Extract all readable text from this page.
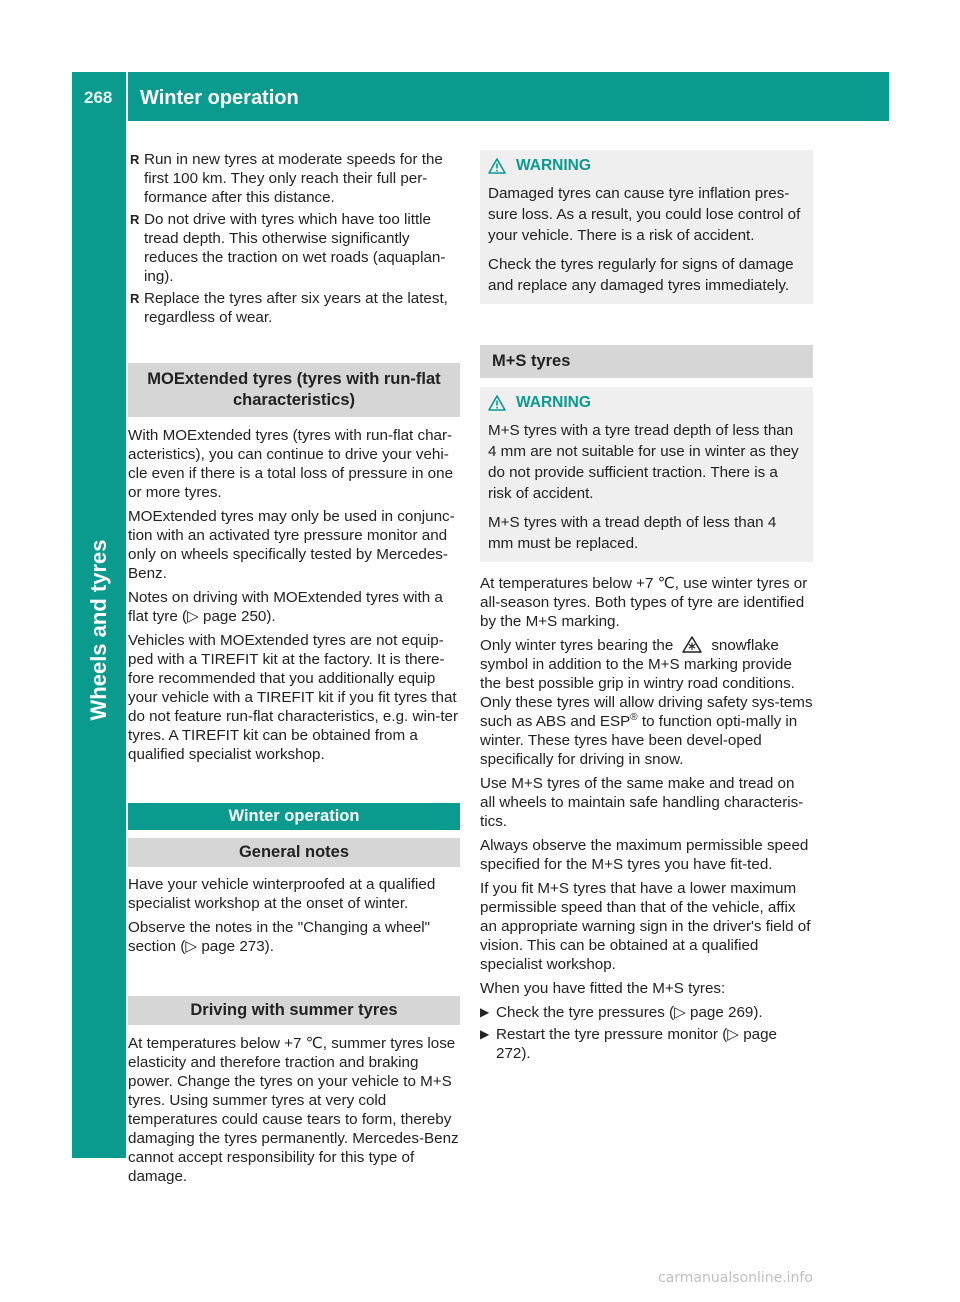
268 Winter operation
Wheels and tyres
R Run in new tyres at moderate speeds for the first 100 km. They only reach their full per-formance after this distance.
R Do not drive with tyres which have too little tread depth. This otherwise significantly reduces the traction on wet roads (aquaplan-ing).
R Replace the tyres after six years at the latest, regardless of wear.
MOExtended tyres (tyres with run-flat characteristics)

With MOExtended tyres (tyres with run-flat char-acteristics), you can continue to drive your vehi-cle even if there is a total loss of pressure in one or more tyres.

MOExtended tyres may only be used in conjunc-tion with an activated tyre pressure monitor and only on wheels specifically tested by Mercedes-Benz.

Notes on driving with MOExtended tyres with a flat tyre (▷ page 250).

Vehicles with MOExtended tyres are not equip-ped with a TIREFIT kit at the factory. It is there-fore recommended that you additionally equip your vehicle with a TIREFIT kit if you fit tyres that do not feature run-flat characteristics, e.g. win-ter tyres. A TIREFIT kit can be obtained from a qualified specialist workshop.

Winter operation
General notes

Have your vehicle winterproofed at a qualified specialist workshop at the onset of winter.

Observe the notes in the "Changing a wheel" section (▷ page 273).

Driving with summer tyres

At temperatures below +7 ℃, summer tyres lose elasticity and therefore traction and braking power. Change the tyres on your vehicle to M+S tyres. Using summer tyres at very cold temperatures could cause tears to form, thereby damaging the tyres permanently. Mercedes-Benz cannot accept responsibility for this type of damage.

WARNING

Damaged tyres can cause tyre inflation pres-sure loss. As a result, you could lose control of your vehicle. There is a risk of accident.

Check the tyres regularly for signs of damage and replace any damaged tyres immediately.

M+S tyres
WARNING

M+S tyres with a tyre tread depth of less than 4 mm are not suitable for use in winter as they do not provide sufficient traction. There is a risk of accident.

M+S tyres with a tread depth of less than 4 mm must be replaced.

At temperatures below +7 ℃, use winter tyres or all-season tyres. Both types of tyre are identified by the M+S marking.

Only winter tyres bearing the	snowflake symbol in addition to the M+S marking provide the best possible grip in wintry road conditions. Only these tyres will allow driving safety sys-tems such as ABS and ESP® to function opti-mally in winter. These tyres have been devel-oped specifically for driving in snow.

Use M+S tyres of the same make and tread on all wheels to maintain safe handling characteris-tics.

Always observe the maximum permissible speed specified for the M+S tyres you have fit-ted.

If you fit M+S tyres that have a lower maximum permissible speed than that of the vehicle, affix an appropriate warning sign in the driver's field of vision. This can be obtained at a qualified specialist workshop.

When you have fitted the M+S tyres:

▶ Check the tyre pressures (▷ page 269).
▶ Restart the tyre pressure monitor (▷ page 272).
carmanualsonline.info
